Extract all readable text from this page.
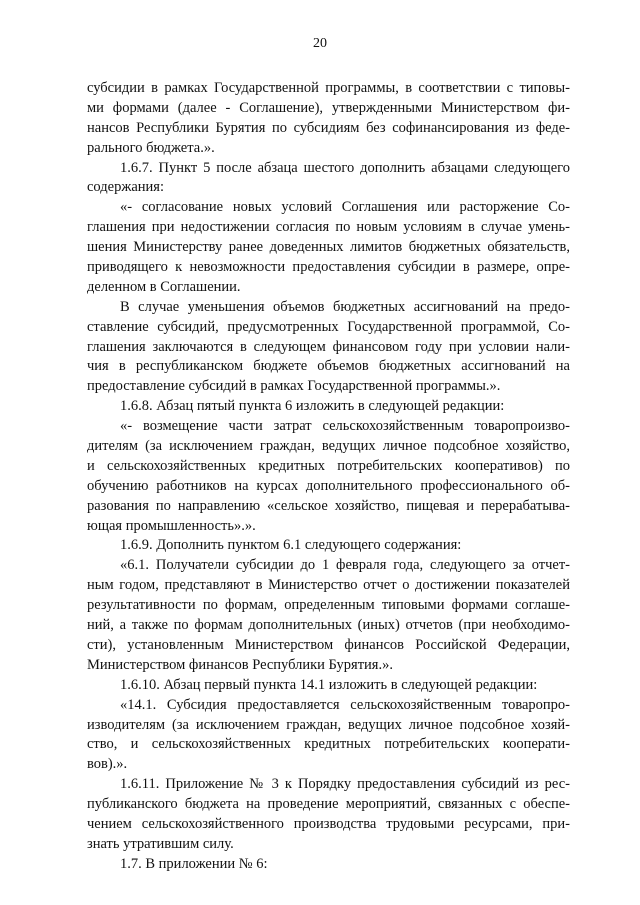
20
субсидии в рамках Государственной программы, в соответствии с типовы-
ми формами (далее - Соглашение), утвержденными Министерством фи-
нансов Республики Бурятия по субсидиям без софинансирования из феде-
рального бюджета.».
1.6.7. Пункт 5 после абзаца шестого дополнить абзацами следующего
содержания:
«- согласование новых условий Соглашения или расторжение Со-
глашения при недостижении согласия по новым условиям в случае умень-
шения Министерству ранее доведенных лимитов бюджетных обязательств,
приводящего к невозможности предоставления субсидии в размере, опре-
деленном в Соглашении.
В случае уменьшения объемов бюджетных ассигнований на предо-
ставление субсидий, предусмотренных Государственной программой, Со-
глашения заключаются в следующем финансовом году при условии нали-
чия в республиканском бюджете объемов бюджетных ассигнований на
предоставление субсидий в рамках Государственной программы.».
1.6.8. Абзац пятый пункта 6 изложить в следующей редакции:
«- возмещение части затрат сельскохозяйственным товаропроизво-
дителям (за исключением граждан, ведущих личное подсобное хозяйство,
и сельскохозяйственных кредитных потребительских кооперативов) по
обучению работников на курсах дополнительного профессионального об-
разования по направлению «сельское хозяйство, пищевая и перерабатыва-
ющая промышленность».».
1.6.9. Дополнить пунктом 6.1 следующего содержания:
«6.1. Получатели субсидии до 1 февраля года, следующего за отчет-
ным годом, представляют в Министерство отчет о достижении показателей
результативности по формам, определенным типовыми формами соглаше-
ний, а также по формам дополнительных (иных) отчетов (при необходимо-
сти), установленным Министерством финансов Российской Федерации,
Министерством финансов Республики Бурятия.».
1.6.10. Абзац первый пункта 14.1 изложить в следующей редакции:
«14.1. Субсидия предоставляется сельскохозяйственным товаропро-
изводителям (за исключением граждан, ведущих личное подсобное хозяй-
ство, и сельскохозяйственных кредитных потребительских кооперати-
вов).».
1.6.11. Приложение № 3 к Порядку предоставления субсидий из рес-
публиканского бюджета на проведение мероприятий, связанных с обеспе-
чением сельскохозяйственного производства трудовыми ресурсами, при-
знать утратившим силу.
1.7. В приложении № 6:
